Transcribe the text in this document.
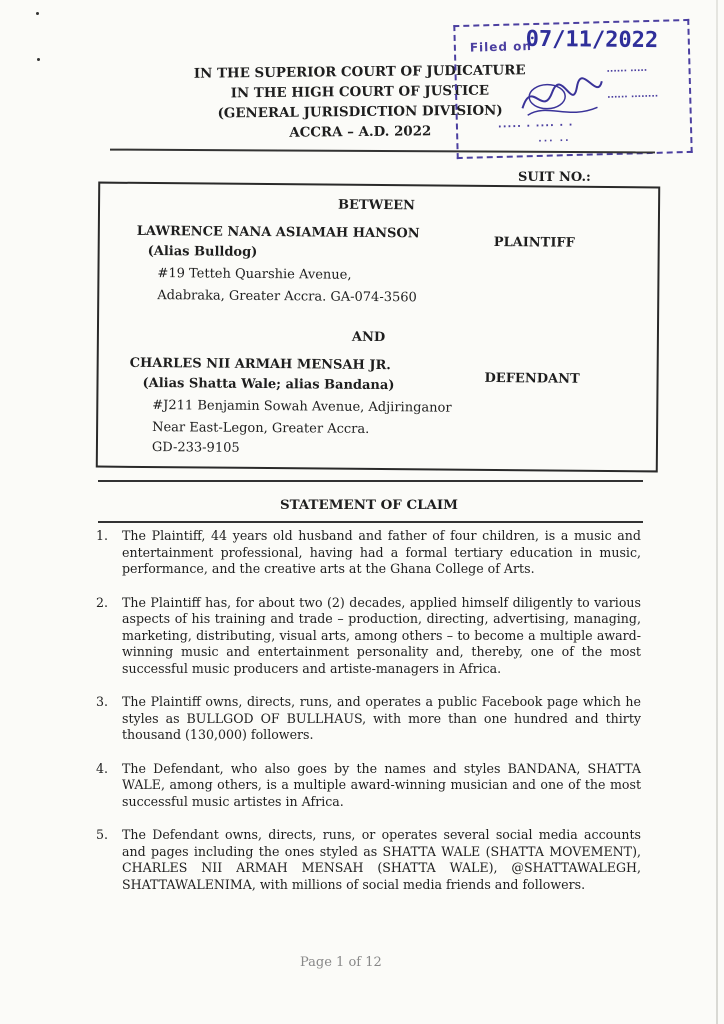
IN THE SUPERIOR COURT OF JUDICATURE
IN THE HIGH COURT OF JUSTICE
(GENERAL JURISDICTION DIVISION)
ACCRA – A.D. 2022
Filed on
07/11/2022
······ ·····
······ ········
····· · ···· · ·
··· ··
SUIT NO.:
BETWEEN
LAWRENCE NANA ASIAMAH HANSON
(Alias Bulldog)
#19 Tetteh Quarshie Avenue,
Adabraka, Greater Accra. GA-074-3560
PLAINTIFF
AND
CHARLES NII ARMAH MENSAH JR.
(Alias Shatta Wale; alias Bandana)
#J211 Benjamin Sowah Avenue, Adjiringanor
Near East-Legon, Greater Accra.
GD-233-9105
DEFENDANT
STATEMENT OF CLAIM
1. The Plaintiff, 44 years old husband and father of four children, is a music and entertainment professional, having had a formal tertiary education in music, performance, and the creative arts at the Ghana College of Arts.
2. The Plaintiff has, for about two (2) decades, applied himself diligently to various aspects of his training and trade – production, directing, advertising, managing, marketing, distributing, visual arts, among others – to become a multiple award-winning music and entertainment personality and, thereby, one of the most successful music producers and artiste-managers in Africa.
3. The Plaintiff owns, directs, runs, and operates a public Facebook page which he styles as BULLGOD OF BULLHAUS, with more than one hundred and thirty thousand (130,000) followers.
4. The Defendant, who also goes by the names and styles BANDANA, SHATTA WALE, among others, is a multiple award-winning musician and one of the most successful music artistes in Africa.
5. The Defendant owns, directs, runs, or operates several social media accounts and pages including the ones styled as SHATTA WALE (SHATTA MOVEMENT), CHARLES NII ARMAH MENSAH (SHATTA WALE), @SHATTAWALEGH, SHATTAWALENIMA, with millions of social media friends and followers.
Page 1 of 12
